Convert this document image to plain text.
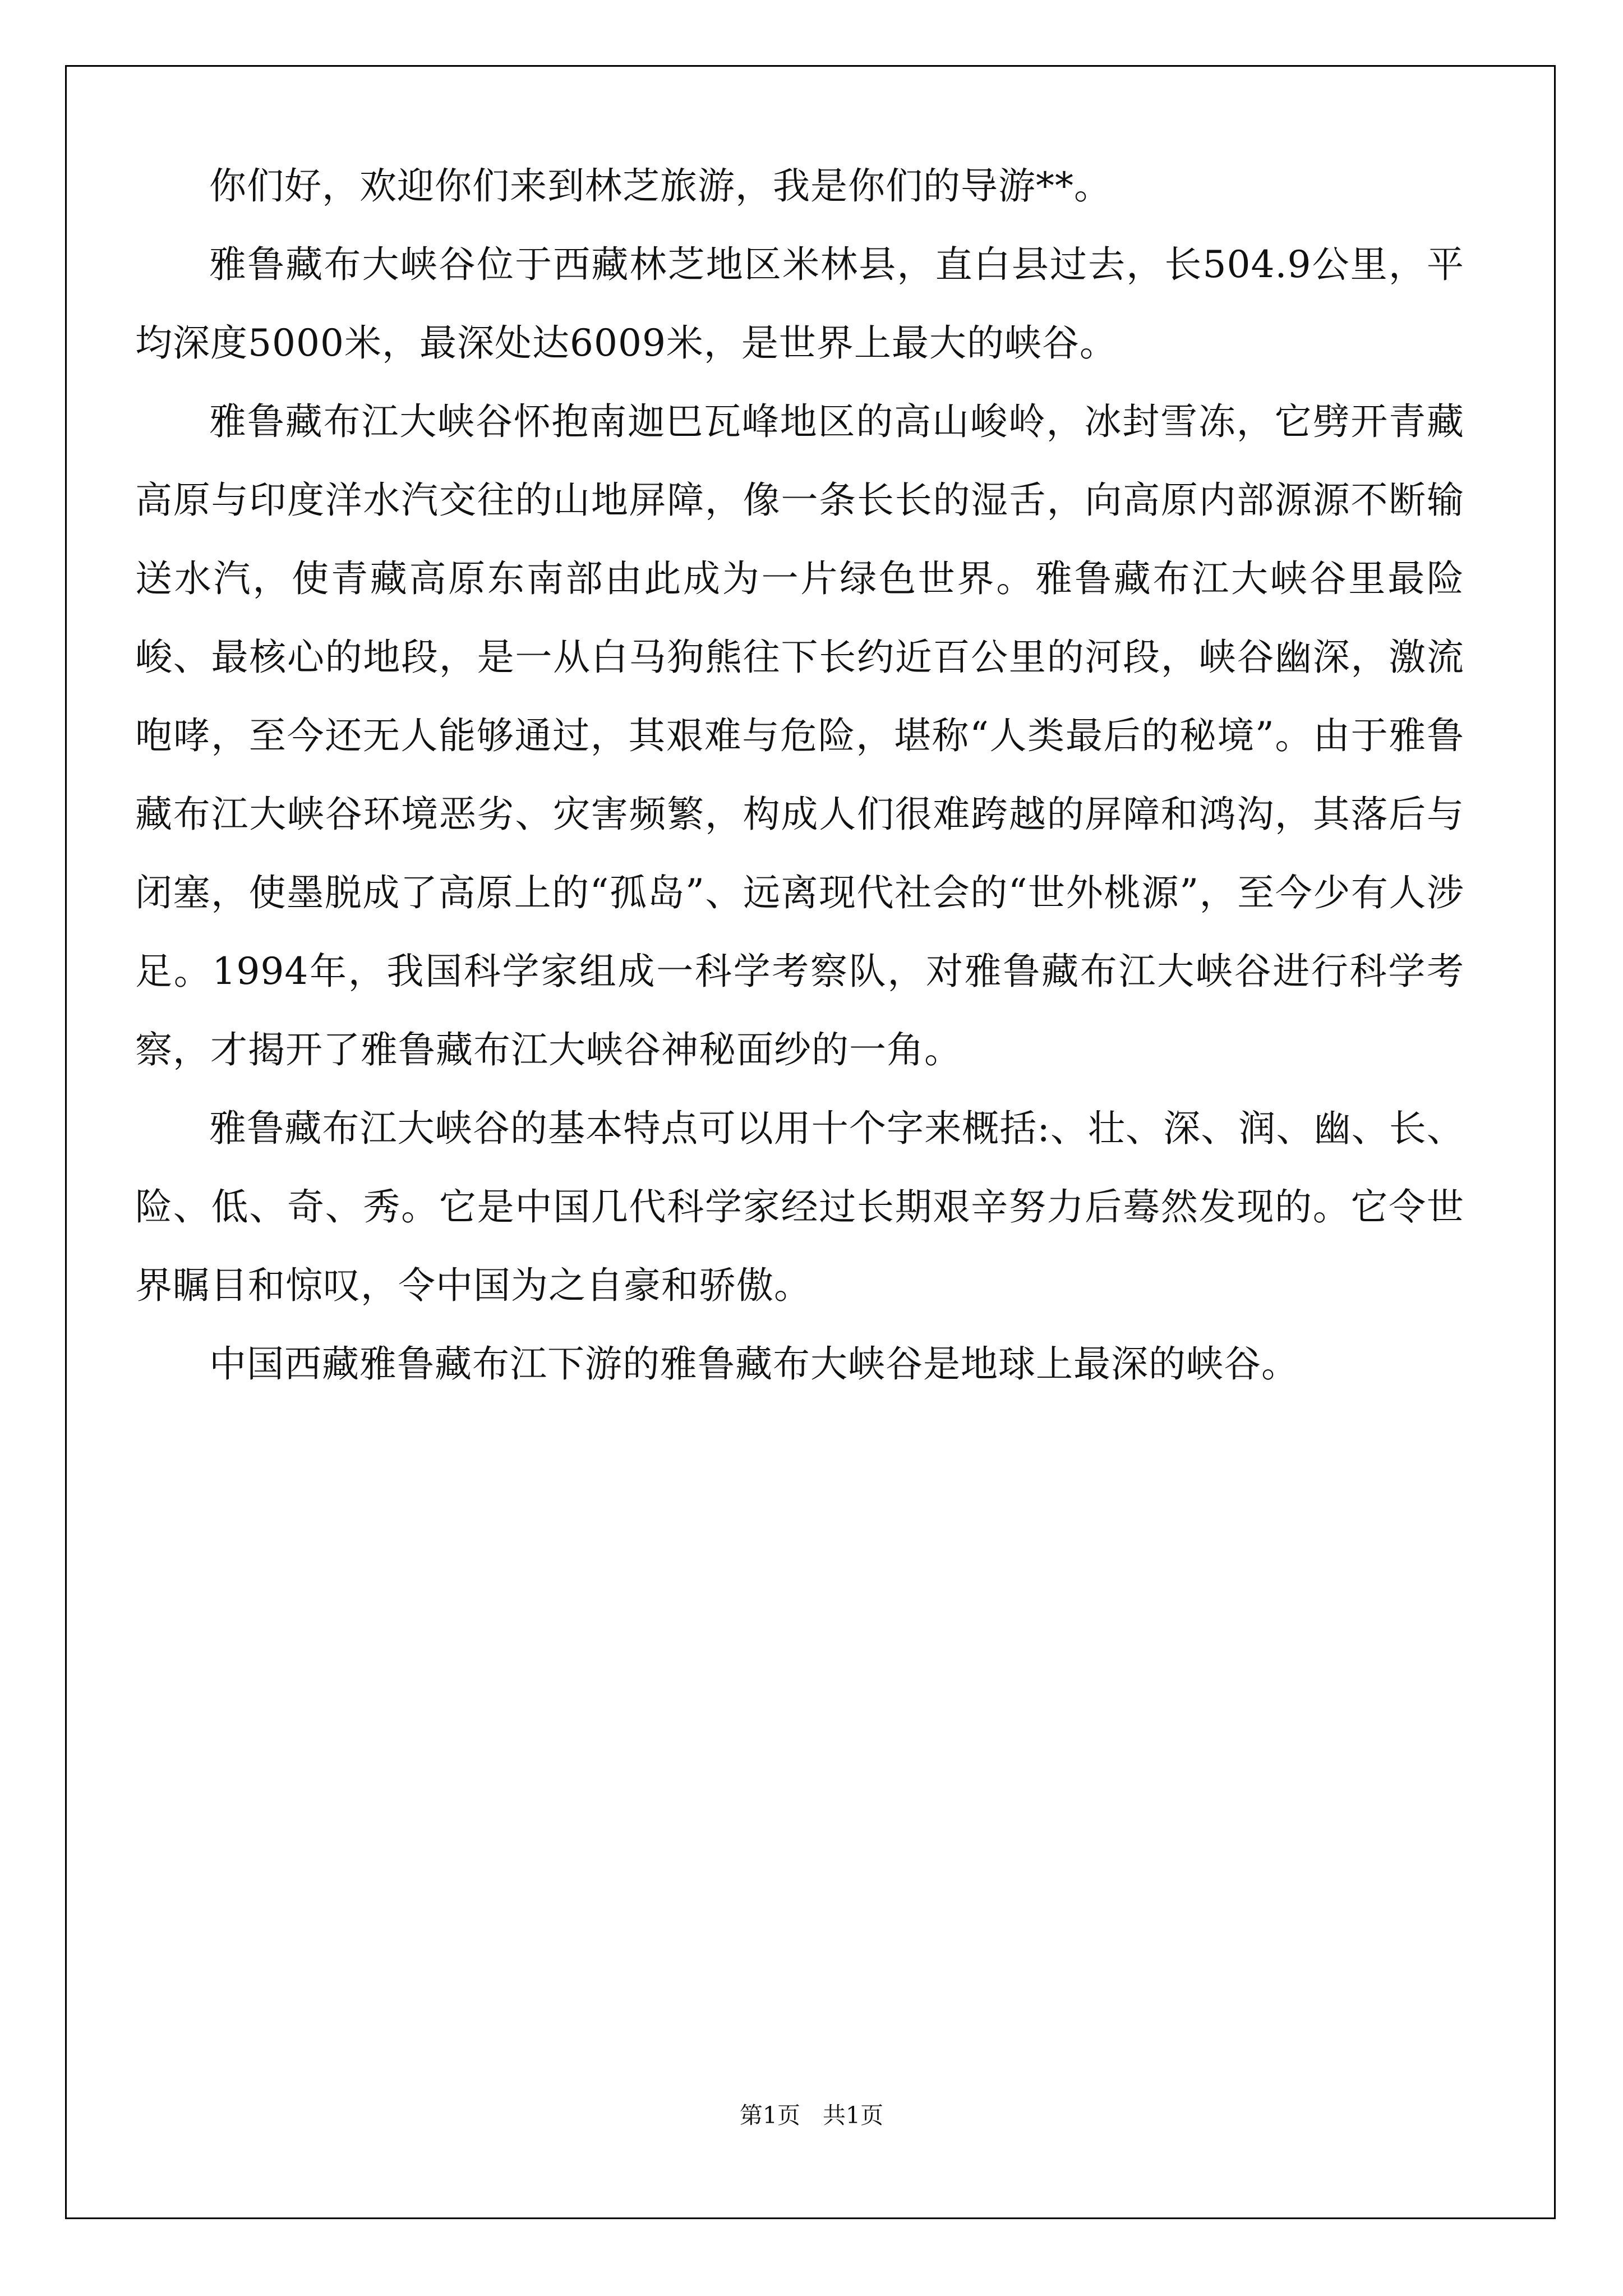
你们好，欢迎你们来到林芝旅游，我是你们的导游**。

雅鲁藏布大峡谷位于西藏林芝地区米林县，直白县过去，长504.9公里，平均深度5000米，最深处达6009米，是世界上最大的峡谷。

雅鲁藏布江大峡谷怀抱南迦巴瓦峰地区的高山峻岭，冰封雪冻，它劈开青藏高原与印度洋水汽交往的山地屏障，像一条长长的湿舌，向高原内部源源不断输送水汽，使青藏高原东南部由此成为一片绿色世界。雅鲁藏布江大峡谷里最险峻、最核心的地段，是一从白马狗熊往下长约近百公里的河段，峡谷幽深，激流咆哮，至今还无人能够通过，其艰难与危险，堪称“人类最后的秘境”。由于雅鲁藏布江大峡谷环境恶劣、灾害频繁，构成人们很难跨越的屏障和鸿沟，其落后与闭塞，使墨脱成了高原上的“孤岛”、远离现代社会的“世外桃源”，至今少有人涉足。1994年，我国科学家组成一科学考察队，对雅鲁藏布江大峡谷进行科学考察，才揭开了雅鲁藏布江大峡谷神秘面纱的一角。

雅鲁藏布江大峡谷的基本特点可以用十个字来概括:、壮、深、润、幽、长、险、低、奇、秀。它是中国几代科学家经过长期艰辛努力后蓦然发现的。它令世界瞩目和惊叹，令中国为之自豪和骄傲。

中国西藏雅鲁藏布江下游的雅鲁藏布大峡谷是地球上最深的峡谷。

第1页 共1页
